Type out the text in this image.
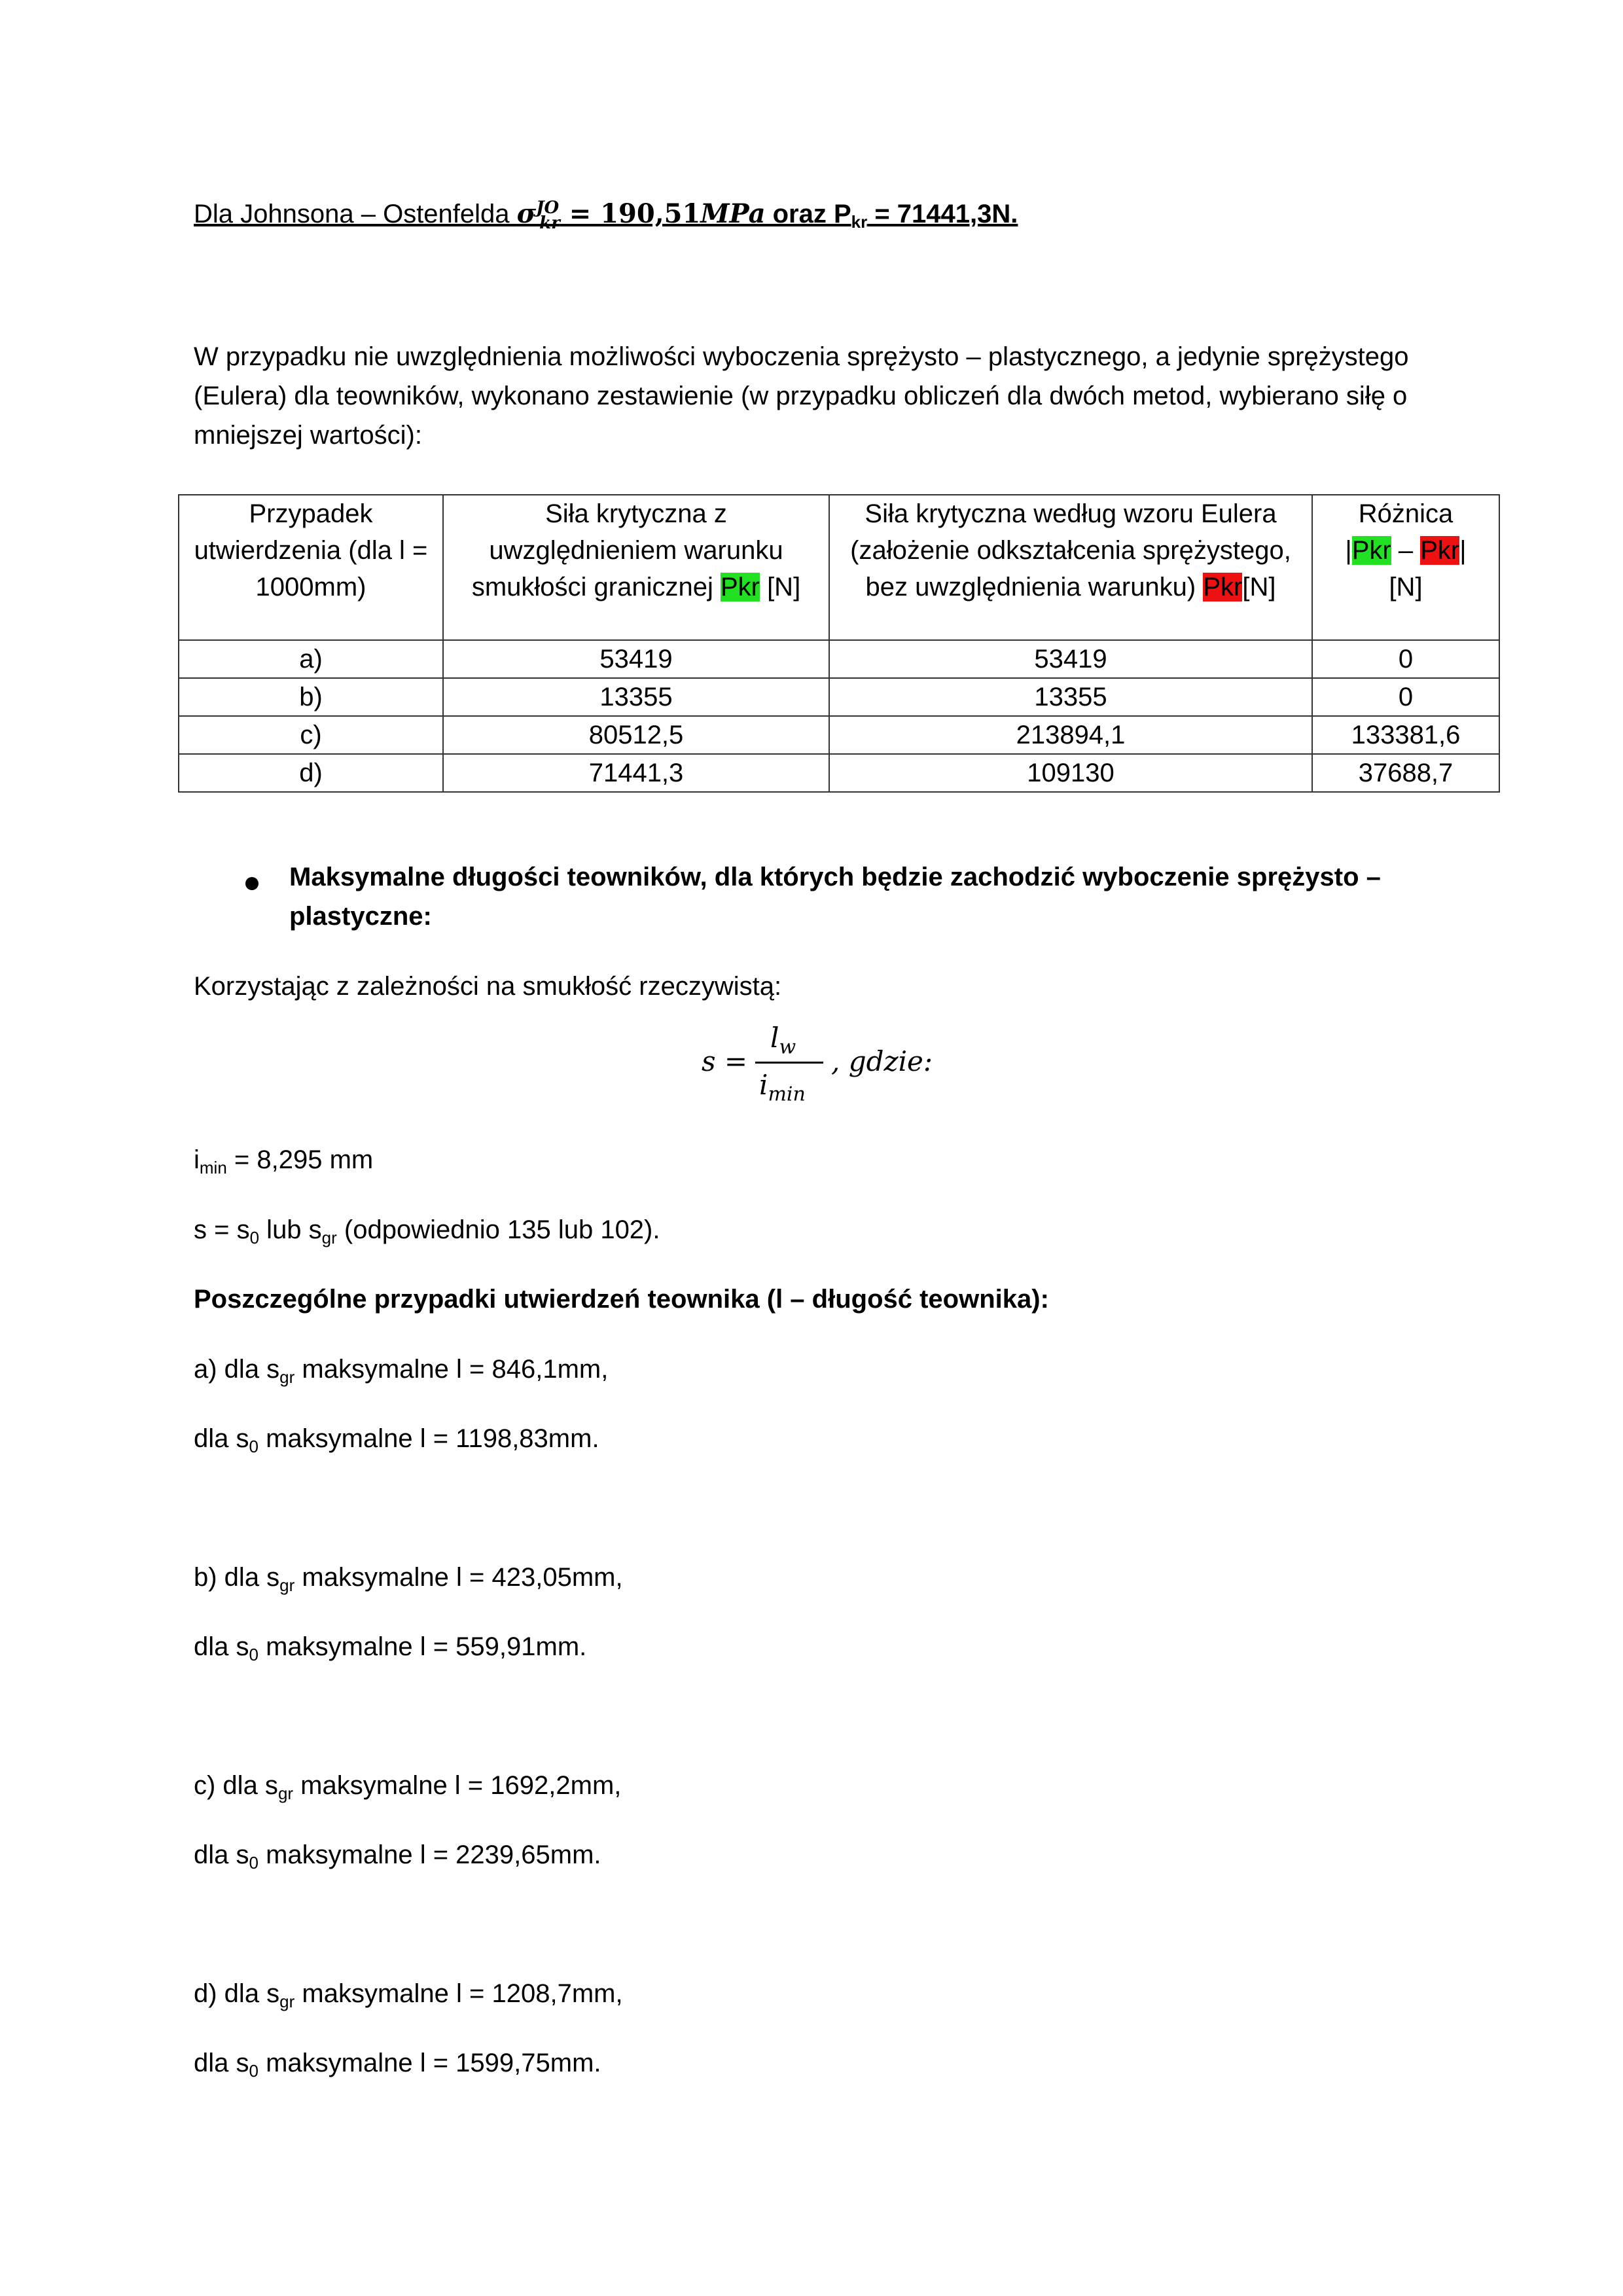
Dla Johnsona – Ostenfelda $\sigma^{JO}_{kr} = 190,51MPa$ oraz $P_{kr} = 71441,3N$.
W przypadku nie uwzględnienia możliwości wyboczenia sprężysto – plastycznego, a jedynie sprężystego (Eulera) dla teowników, wykonano zestawienie (w przypadku obliczeń dla dwóch metod, wybierano siłę o mniejszej wartości):
Przypadek utwierdzenia (dla l = 1000mm)	Siła krytyczna z uwzględnieniem warunku smukłości granicznej Pkr [N]	Siła krytyczna według wzoru Eulera (założenie odkształcenia sprężystego, bez uwzględnienia warunku) Pkr[N]	Różnica
|Pkr – Pkr|
[N]
a)	53419	53419	0
b)	13355	13355	0
c)	80512,5	213894,1	133381,6
d)	71441,3	109130	37688,7
Maksymalne długości teowników, dla których będzie zachodzić wyboczenie sprężysto – plastyczne:
Korzystając z zależności na smukłość rzeczywistą:
s =
$l_w$
$i_{min}$
, gdzie:
$i_{min} = 8,295$ mm
$s = s_0$ lub $s_{gr}$ (odpowiednio 135 lub 102).
Poszczególne przypadki utwierdzeń teownika (l – długość teownika):
a) dla $s_{gr}$ maksymalne l = 846,1mm,
dla $s_0$ maksymalne l = 1198,83mm.
b) dla $s_{gr}$ maksymalne l = 423,05mm,
dla $s_0$ maksymalne l = 559,91mm.
c) dla $s_{gr}$ maksymalne l = 1692,2mm,
dla $s_0$ maksymalne l = 2239,65mm.
d) dla $s_{gr}$ maksymalne l = 1208,7mm,
dla $s_0$ maksymalne l = 1599,75mm.
